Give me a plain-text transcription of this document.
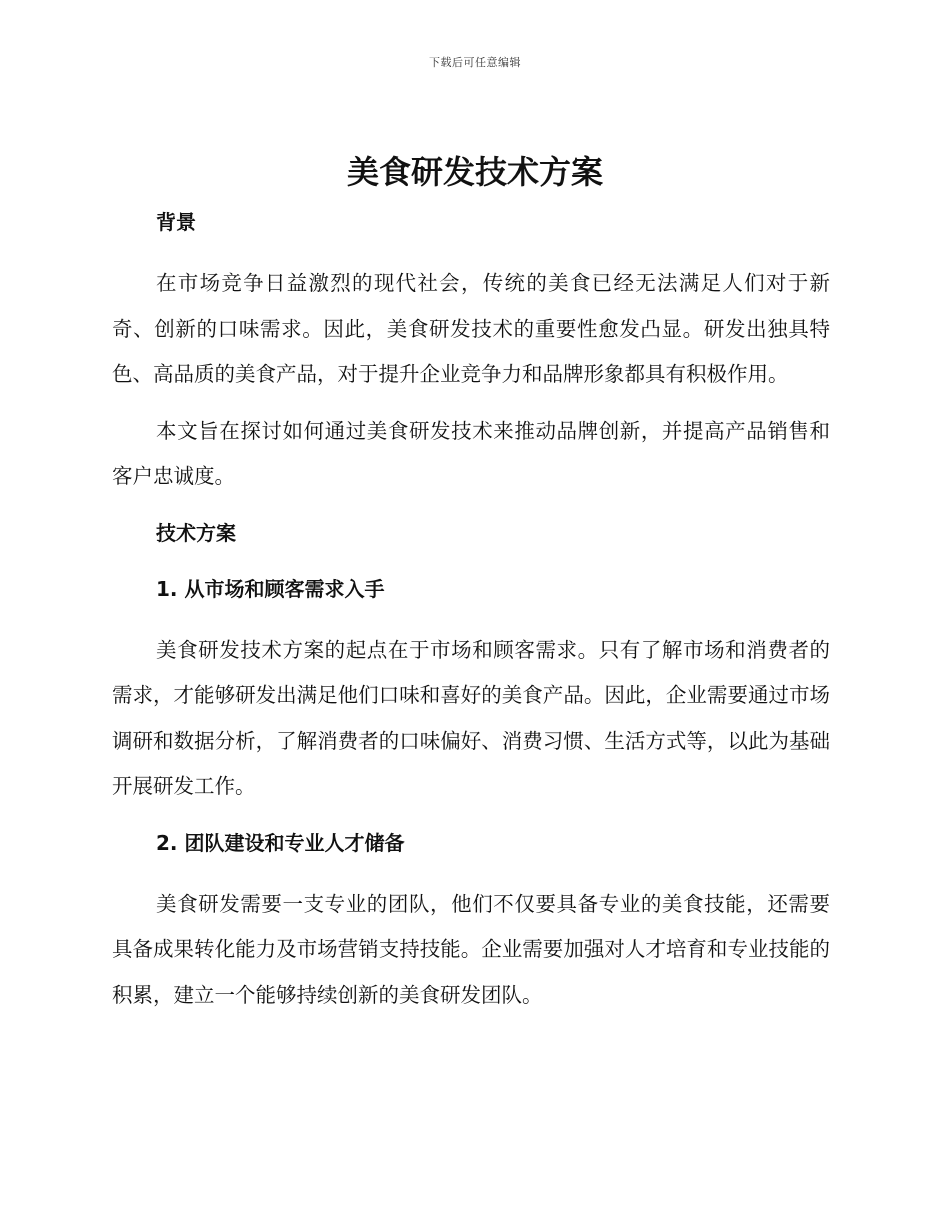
下载后可任意编辑
美食研发技术方案
背景

在市场竞争日益激烈的现代社会，传统的美食已经无法满足人们对于新奇、创新的口味需求。因此，美食研发技术的重要性愈发凸显。研发出独具特色、高品质的美食产品，对于提升企业竞争力和品牌形象都具有积极作用。

本文旨在探讨如何通过美食研发技术来推动品牌创新，并提高产品销售和客户忠诚度。

技术方案
1. 从市场和顾客需求入手

美食研发技术方案的起点在于市场和顾客需求。只有了解市场和消费者的需求，才能够研发出满足他们口味和喜好的美食产品。因此，企业需要通过市场调研和数据分析，了解消费者的口味偏好、消费习惯、生活方式等，以此为基础开展研发工作。

2. 团队建设和专业人才储备

美食研发需要一支专业的团队，他们不仅要具备专业的美食技能，还需要具备成果转化能力及市场营销支持技能。企业需要加强对人才培育和专业技能的积累，建立一个能够持续创新的美食研发团队。
